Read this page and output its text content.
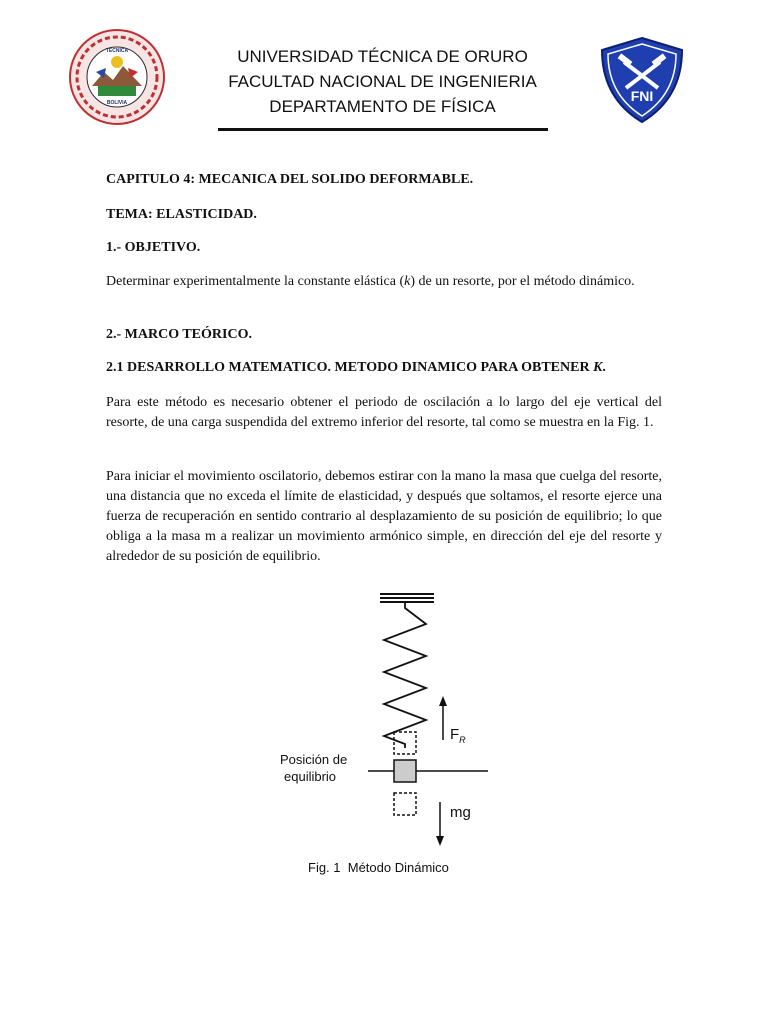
TÉCNICA
BOLIVIA
UNIVERSIDAD TÉCNICA DE ORURO
FACULTAD NACIONAL DE INGENIERIA
DEPARTAMENTO DE FÍSICA
FNI
CAPITULO 4: MECANICA DEL SOLIDO DEFORMABLE.
TEMA: ELASTICIDAD.
1.- OBJETIVO.
Determinar experimentalmente la constante elástica (k) de un resorte, por el método dinámico.
2.- MARCO TEÓRICO.
2.1 DESARROLLO MATEMATICO. METODO DINAMICO PARA OBTENER K.
Para este método es necesario obtener el periodo de oscilación a lo largo del eje vertical del resorte, de una carga suspendida del extremo inferior del resorte, tal como se muestra en la Fig. 1.
Para iniciar el movimiento oscilatorio, debemos estirar con la mano la masa que cuelga del resorte, una distancia que no exceda el límite de elasticidad, y después que soltamos, el resorte ejerce una fuerza de recuperación en sentido contrario al desplazamiento de su posición de equilibrio; lo que obliga a la masa m a realizar un movimiento armónico simple, en dirección del eje del resorte y alrededor de su posición de equilibrio.
Posición de
equilibrio
$F_R$
mg
Fig. 1  Método Dinámico
